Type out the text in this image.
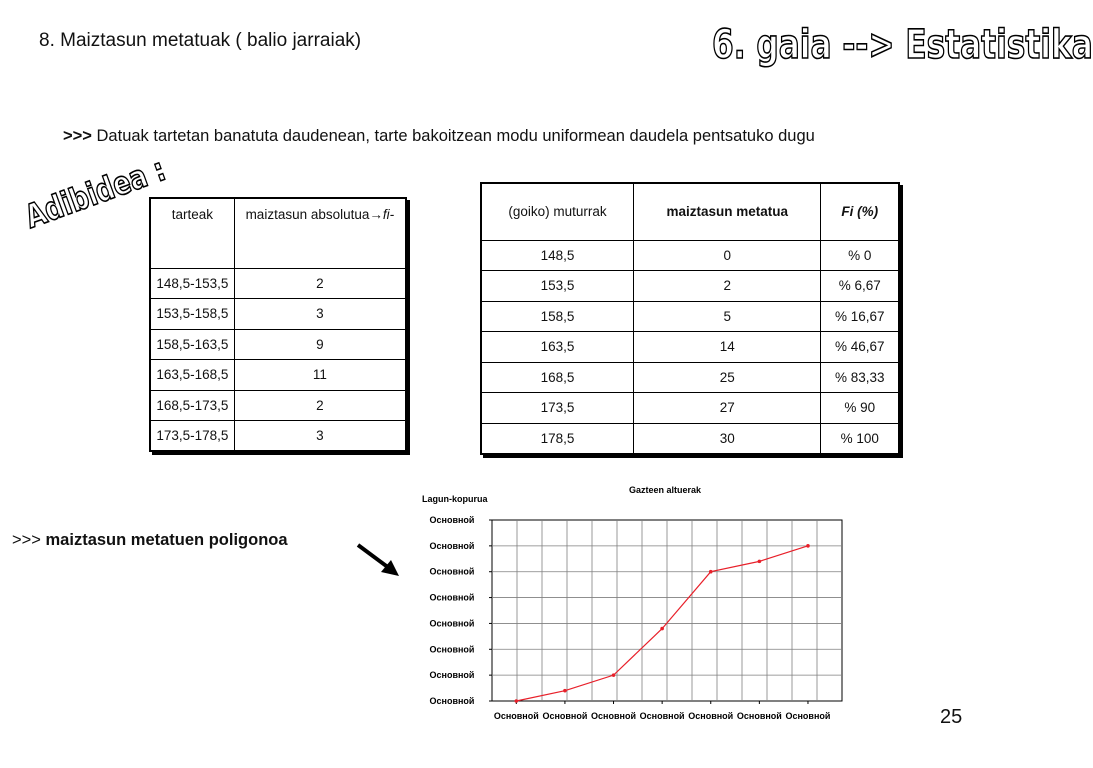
8. Maiztasun metatuak ( balio jarraiak)	6. gaia --> Estatistika
Adibidea :
>>> Datuak tartetan banatuta daudenean, tarte bakoitzean modu uniformean daudela pentsatuko dugu
tarteak	maiztasun absolutua→fi-
148,5-153,5	2
153,5-158,5	3
158,5-163,5	9
163,5-168,5	11
168,5-173,5	2
173,5-178,5	3
(goiko) muturrak	maiztasun metatua	Fi (%)
148,5	0	% 0
153,5	2	% 6,67
158,5	5	% 16,67
163,5	14	% 46,67
168,5	25	% 83,33
173,5	27	% 90
178,5	30	% 100
>>> maiztasun metatuen poligonoa
Gazteen altuerak
Lagun-kopurua
Основной
Основной
Основной
Основной
Основной
Основной
Основной
Основной
Основной Основной Основной Основной Основной Основной Основной	25
